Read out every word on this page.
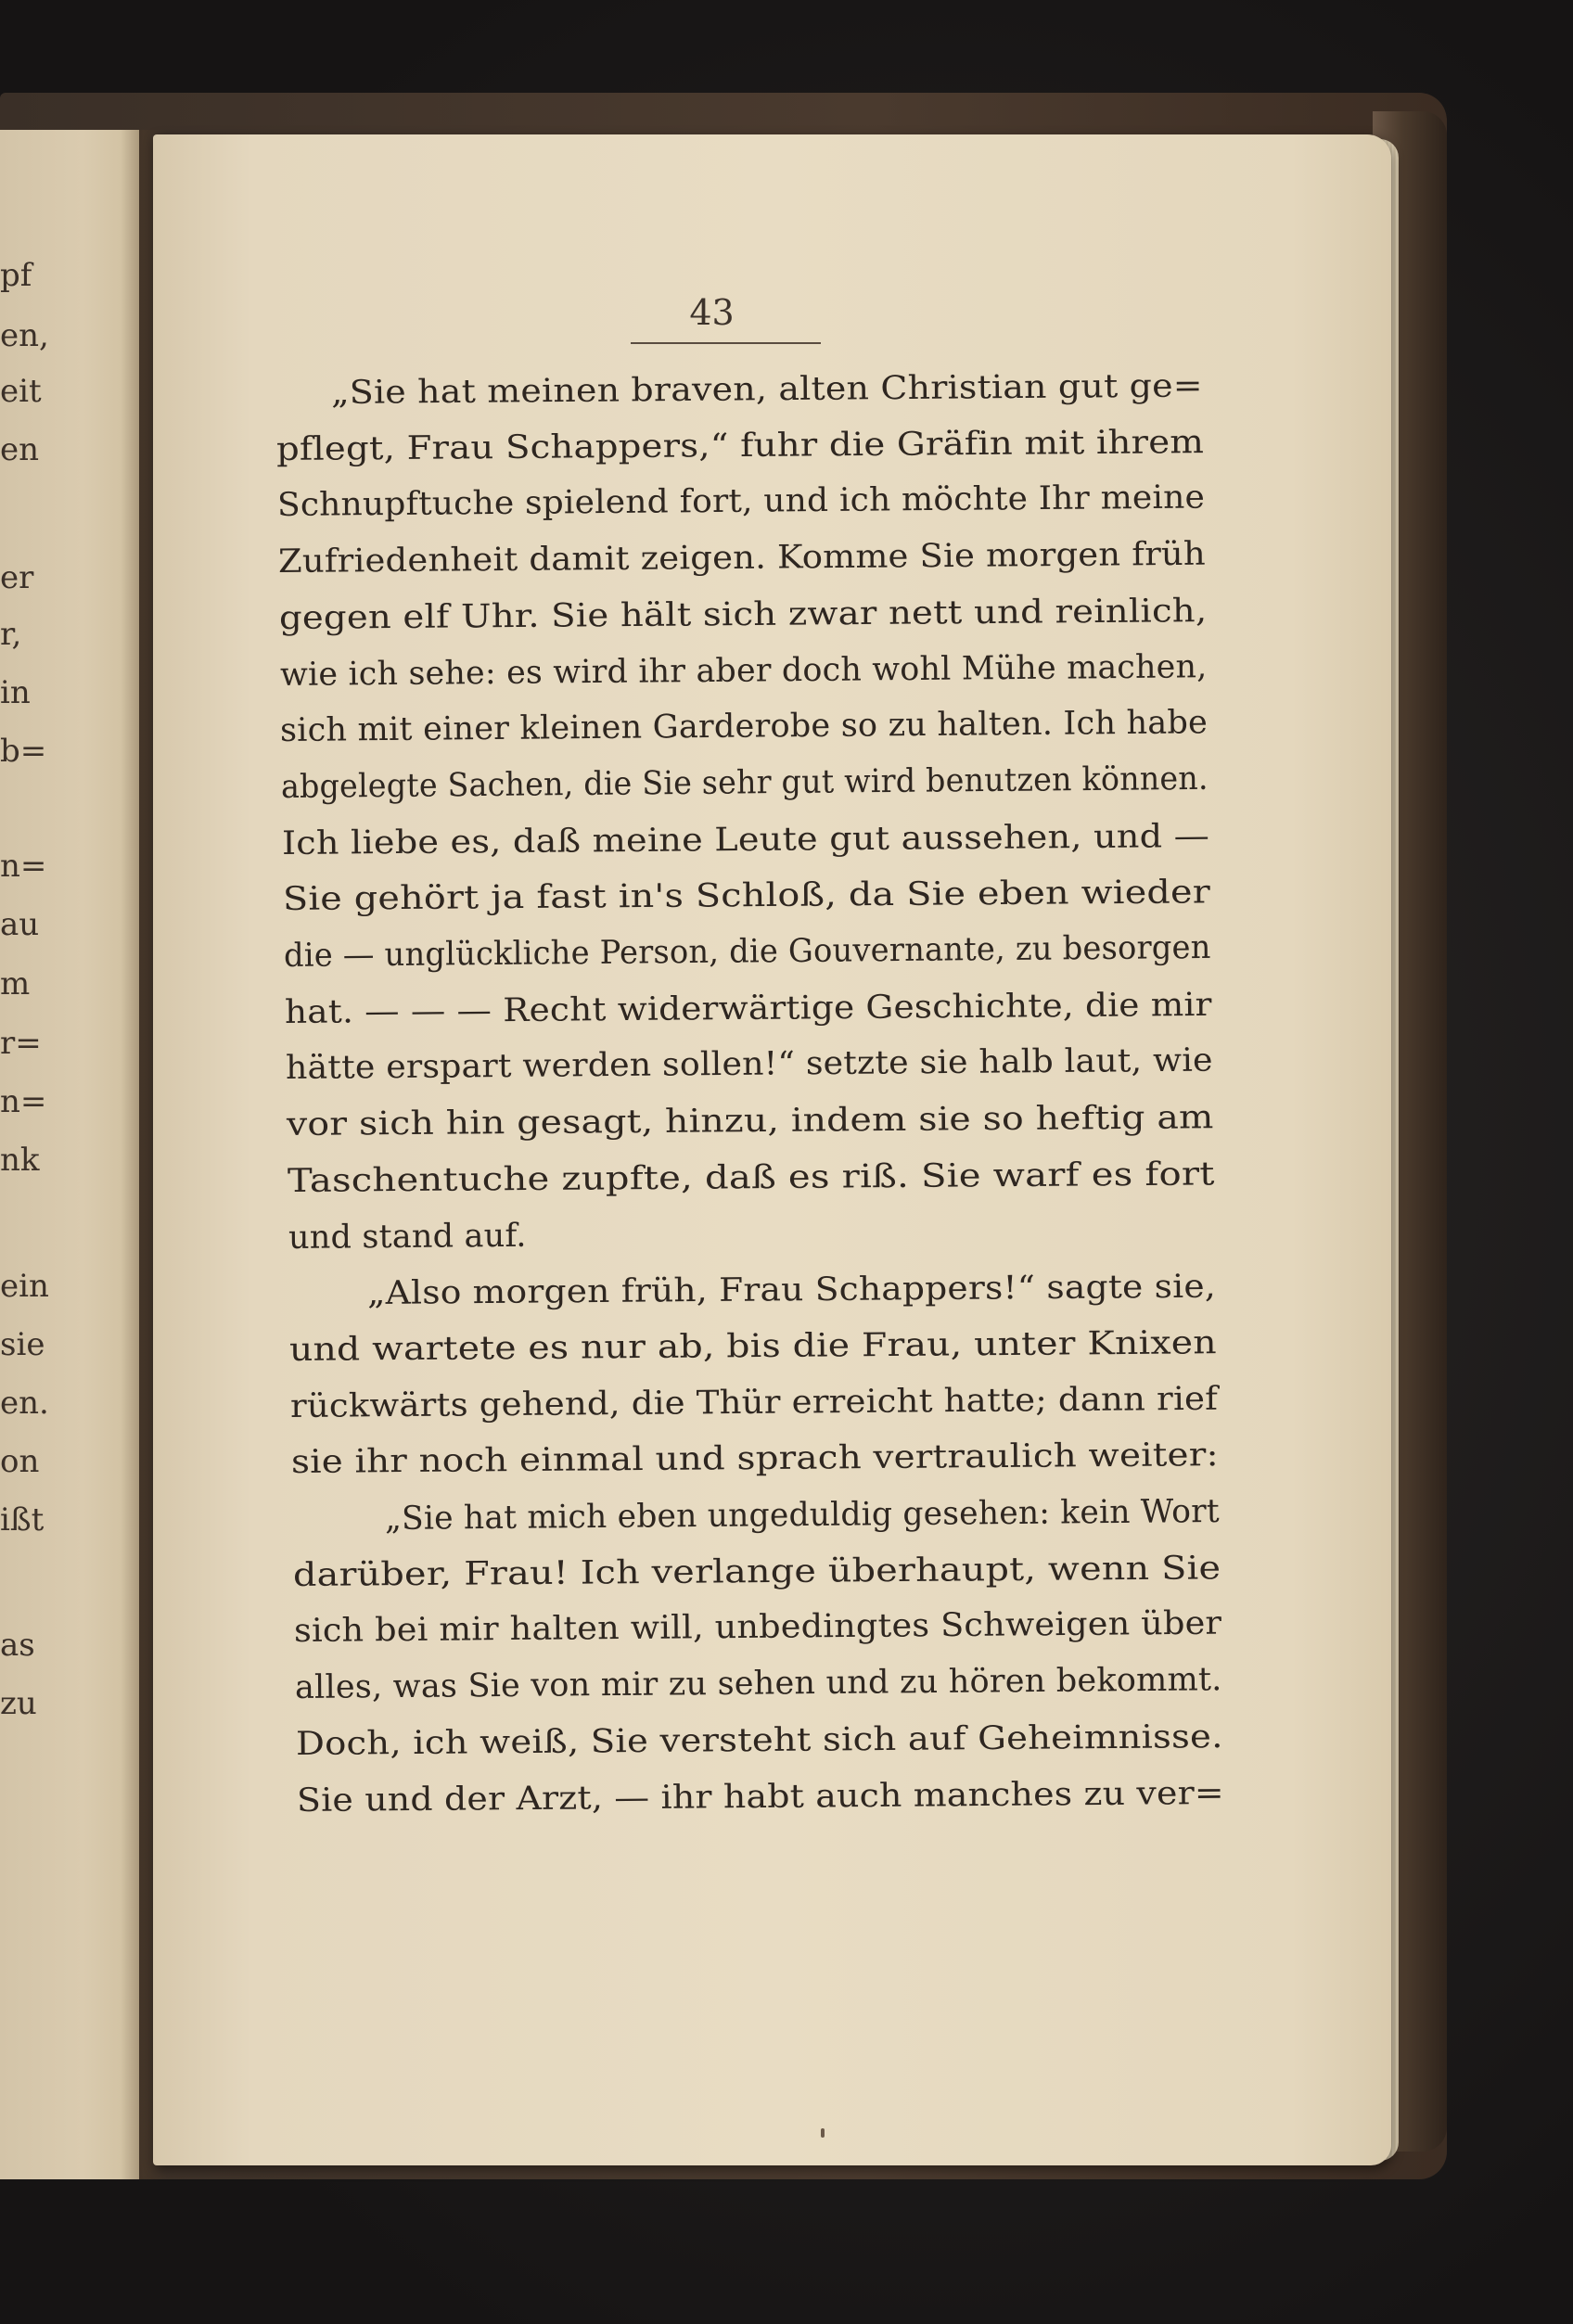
pf
en,
eit
en
er
r,
in
b=
n=
au
m
r=
n=
nk
ein
sie
en.
on
ißt
as
zu
43
„Sie hat meinen braven, alten Christian gut ge=
pflegt, Frau Schappers,“ fuhr die Gräfin mit ihrem
Schnupftuche spielend fort, und ich möchte Ihr meine
Zufriedenheit damit zeigen. Komme Sie morgen früh
gegen elf Uhr. Sie hält sich zwar nett und reinlich,
wie ich sehe: es wird ihr aber doch wohl Mühe machen,
sich mit einer kleinen Garderobe so zu halten. Ich habe
abgelegte Sachen, die Sie sehr gut wird benutzen können.
Ich liebe es, daß meine Leute gut aussehen, und —
Sie gehört ja fast in's Schloß, da Sie eben wieder
die — unglückliche Person, die Gouvernante, zu besorgen
hat. — — — Recht widerwärtige Geschichte, die mir
hätte erspart werden sollen!“ setzte sie halb laut, wie
vor sich hin gesagt, hinzu, indem sie so heftig am
Taschentuche zupfte, daß es riß. Sie warf es fort
und stand auf.
„Also morgen früh, Frau Schappers!“ sagte sie,
und wartete es nur ab, bis die Frau, unter Knixen
rückwärts gehend, die Thür erreicht hatte; dann rief
sie ihr noch einmal und sprach vertraulich weiter:
„Sie hat mich eben ungeduldig gesehen: kein Wort
darüber, Frau! Ich verlange überhaupt, wenn Sie
sich bei mir halten will, unbedingtes Schweigen über
alles, was Sie von mir zu sehen und zu hören bekommt.
Doch, ich weiß, Sie versteht sich auf Geheimnisse.
Sie und der Arzt, — ihr habt auch manches zu ver=
